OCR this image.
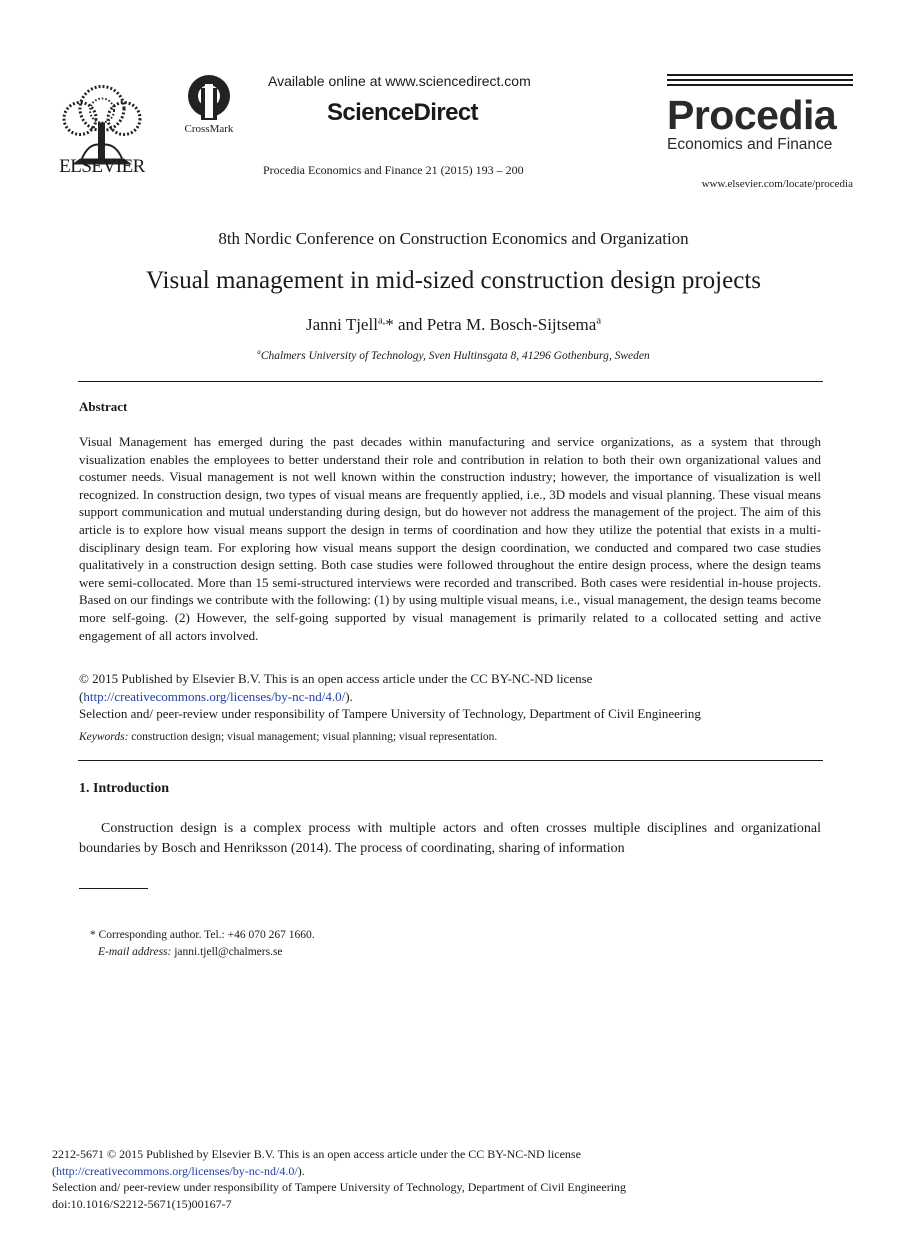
ELSEVIER
CrossMark
Available online at www.sciencedirect.com
ScienceDirect
Procedia Economics and Finance 21 (2015) 193 – 200
Procedia
Economics and Finance
www.elsevier.com/locate/procedia
8th Nordic Conference on Construction Economics and Organization
Visual management in mid-sized construction design projects
Janni Tjell$^{a,}$* and Petra M. Bosch-Sijtsema$^a$
$^a$Chalmers University of Technology, Sven Hultinsgata 8, 41296 Gothenburg, Sweden
Abstract
Visual Management has emerged during the past decades within manufacturing and service organizations, as a system that through visualization enables the employees to better understand their role and contribution in relation to both their own organizational values and costumer needs. Visual management is not well known within the construction industry; however, the importance of visualization is well recognized. In construction design, two types of visual means are frequently applied, i.e., 3D models and visual planning. These visual means support communication and mutual understanding during design, but do however not address the management of the project. The aim of this article is to explore how visual means support the design in terms of coordination and how they utilize the potential that exists in a multi-disciplinary design team. For exploring how visual means support the design coordination, we conducted and compared two case studies qualitatively in a construction design setting. Both case studies were followed throughout the entire design process, where the design teams were semi-collocated. More than 15 semi-structured interviews were recorded and transcribed. Both cases were residential in-house projects. Based on our findings we contribute with the following: (1) by using multiple visual means, i.e., visual management, the design teams become more self-going. (2) However, the self-going supported by visual management is primarily related to a collocated setting and active engagement of all actors involved.
© 2015 Published by Elsevier B.V. This is an open access article under the CC BY-NC-ND license
(http://creativecommons.org/licenses/by-nc-nd/4.0/).
Selection and/ peer-review under responsibility of Tampere University of Technology, Department of Civil Engineering
Keywords: construction design; visual management; visual planning; visual representation.
1. Introduction
Construction design is a complex process with multiple actors and often crosses multiple disciplines and organizational boundaries by Bosch and Henriksson (2014). The process of coordinating, sharing of information
* Corresponding author. Tel.: +46 070 267 1660.
E-mail address: janni.tjell@chalmers.se
2212-5671 © 2015 Published by Elsevier B.V. This is an open access article under the CC BY-NC-ND license
(http://creativecommons.org/licenses/by-nc-nd/4.0/).
Selection and/ peer-review under responsibility of Tampere University of Technology, Department of Civil Engineering
doi:10.1016/S2212-5671(15)00167-7
